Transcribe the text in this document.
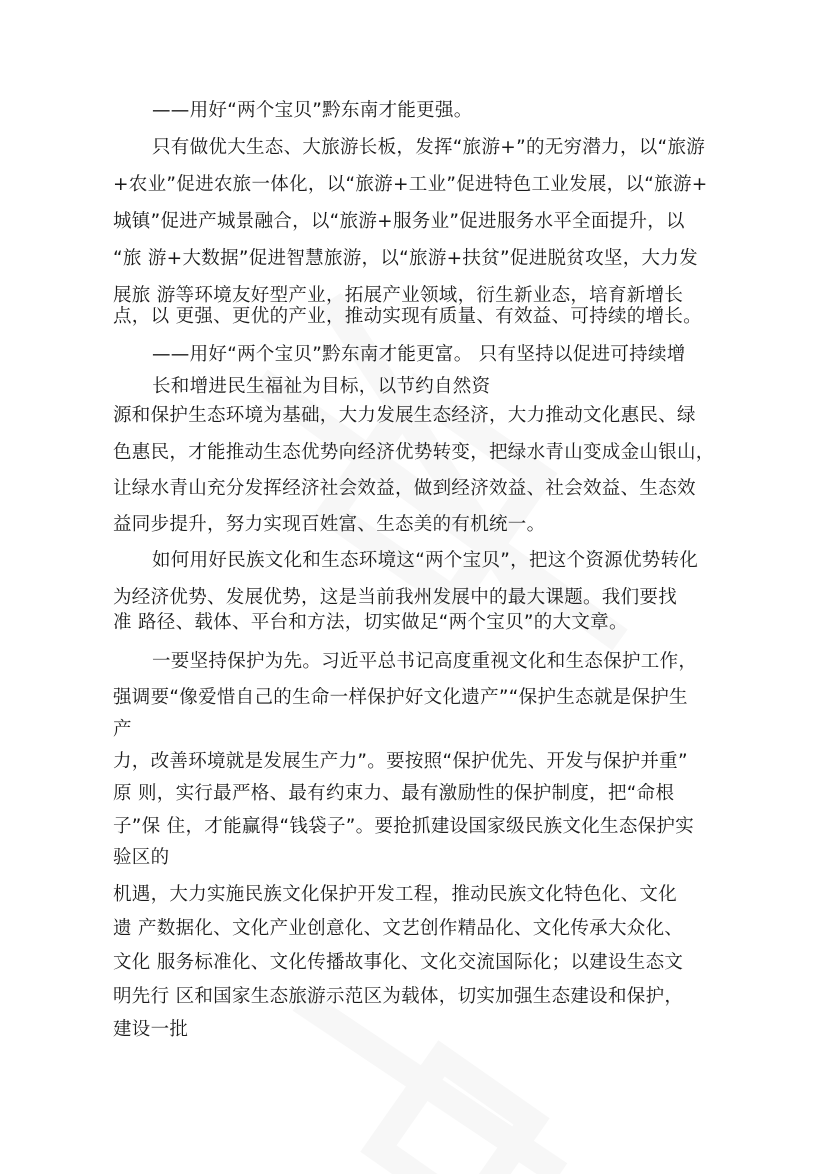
——用好“两个宝贝”黔东南才能更强。
只有做优大生态、大旅游长板，发挥“旅游+”的无穷潜力，以“旅游
+农业”促进农旅一体化，以“旅游+工业”促进特色工业发展，以“旅游+
城镇”促进产城景融合，以“旅游+服务业”促进服务水平全面提升，以
“旅 游+大数据”促进智慧旅游，以“旅游+扶贫”促进脱贫攻坚，大力发
展旅 游等环境友好型产业，拓展产业领域，衍生新业态，培育新增长
点，以 更强、更优的产业，推动实现有质量、有效益、可持续的增长。
——用好“两个宝贝”黔东南才能更富。 只有坚持以促进可持续增
长和增进民生福祉为目标，以节约自然资
源和保护生态环境为基础，大力发展生态经济，大力推动文化惠民、绿
色惠民，才能推动生态优势向经济优势转变，把绿水青山变成金山银山，
让绿水青山充分发挥经济社会效益，做到经济效益、社会效益、生态效
益同步提升，努力实现百姓富、生态美的有机统一。
如何用好民族文化和生态环境这“两个宝贝”，把这个资源优势转化
为经济优势、发展优势，这是当前我州发展中的最大课题。我们要找
准 路径、载体、平台和方法，切实做足“两个宝贝”的大文章。
一要坚持保护为先。习近平总书记高度重视文化和生态保护工作，
强调要“像爱惜自己的生命一样保护好文化遗产”“保护生态就是保护生
产
力，改善环境就是发展生产力”。要按照“保护优先、开发与保护并重”
原 则，实行最严格、最有约束力、最有激励性的保护制度，把“命根
子”保 住，才能赢得“钱袋子”。要抢抓建设国家级民族文化生态保护实
验区的
机遇，大力实施民族文化保护开发工程，推动民族文化特色化、文化
遗 产数据化、文化产业创意化、文艺创作精品化、文化传承大众化、
文化 服务标准化、文化传播故事化、文化交流国际化；以建设生态文
明先行 区和国家生态旅游示范区为载体，切实加强生态建设和保护，
建设一批
